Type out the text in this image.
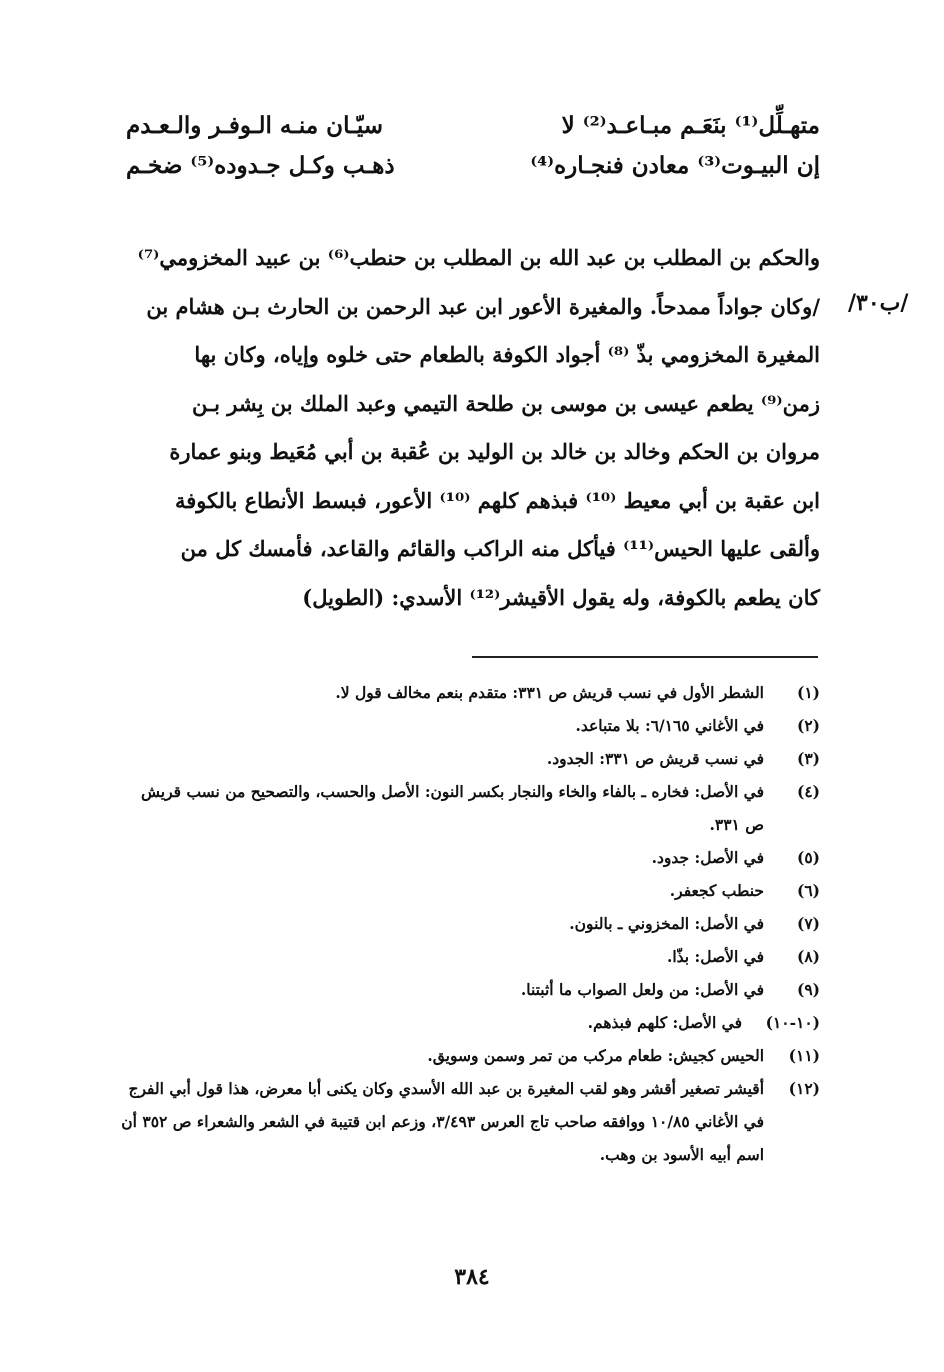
متهـلِّل⁽¹⁾ بنَعَـم مبـاعـد⁽²⁾ لا
سيّـان منـه الـوفـر والـعـدم
إن البيـوت⁽³⁾ معادن فنجـاره⁽⁴⁾
ذهـب وكـل جـدوده⁽⁵⁾ ضخـم
/۳۰ب/
والحكم بن المطلب بن عبد الله بن المطلب بن حنطب⁽⁶⁾ بن عبيد المخزومي⁽⁷⁾
/وكان جواداً ممدحاً. والمغيرة الأعور ابن عبد الرحمن بن الحارث بـن هشام بن
المغيرة المخزومي بذّ ⁽⁸⁾ أجواد الكوفة بالطعام حتى خلوه وإياه، وكان بها
زمن⁽⁹⁾ يطعم عيسى بن موسى بن طلحة التيمي وعبد الملك بن بِشر بـن
مروان بن الحكم وخالد بن خالد بن الوليد بن عُقبة بن أبي مُعَيط وبنو عمارة
ابن عقبة بن أبي معيط ⁽¹⁰⁾ فبذهم كلهم ⁽¹⁰⁾ الأعور، فبسط الأنطاع بالكوفة
وألقى عليها الحيس⁽¹¹⁾ فيأكل منه الراكب والقائم والقاعد، فأمسك كل من
كان يطعم بالكوفة، وله يقول الأقيشر⁽¹²⁾ الأسدي: (الطويل)
(۱)
الشطر الأول في نسب قريش ص ۳۳۱: متقدم بنعم مخالف قول لا.
(۲)
في الأغاني ٦/١٦٥: بلا متباعد.
(۳)
في نسب قريش ص ۳۳۱: الجدود.
(٤)
في الأصل: فخاره ـ بالفاء والخاء والنجار بكسر النون: الأصل والحسب، والتصحيح من نسب قريش ص ۳۳۱.
(٥)
في الأصل: جدود.
(٦)
حنطب كجعفر.
(۷)
في الأصل: المخزوني ـ بالنون.
(۸)
في الأصل: بذّا.
(۹)
في الأصل: من ولعل الصواب ما أثبتنا.
(۱۰-۱۰)
في الأصل: كلهم فبذهم.
(۱۱)
الحيس كجيش: طعام مركب من تمر وسمن وسويق.
(۱۲)
أقيشر تصغير أقشر وهو لقب المغيرة بن عبد الله الأسدي وكان يكنى أبا معرض، هذا قول أبي الفرج في الأغاني ۱۰/۸٥ ووافقه صاحب تاج العرس ۳/٤٩٣، وزعم ابن قتيبة في الشعر والشعراء ص ۳٥۲ أن اسم أبيه الأسود بن وهب.
۳۸٤
